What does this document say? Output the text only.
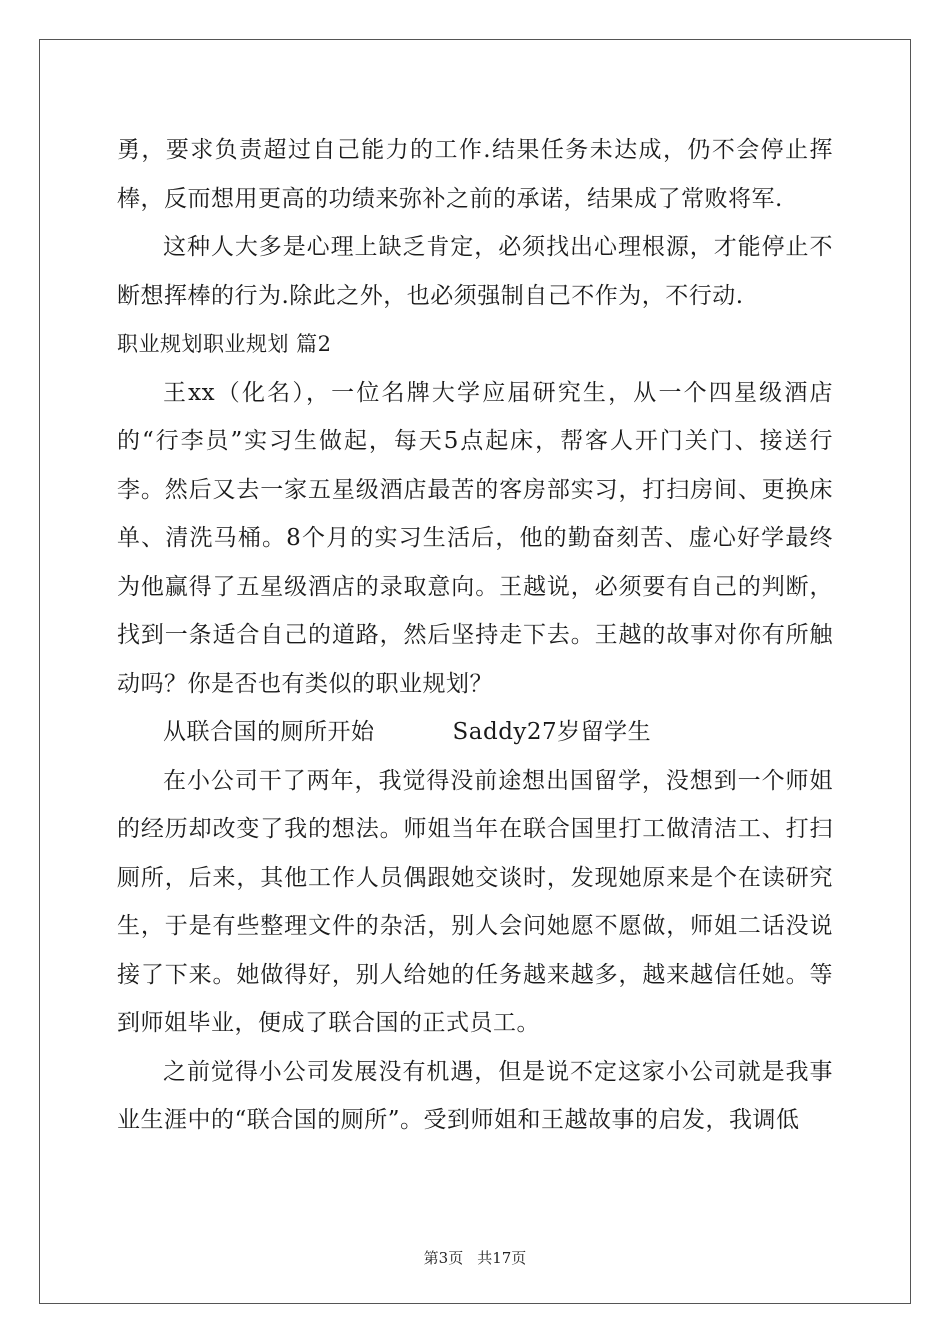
勇，要求负责超过自己能力的工作.结果任务未达成，仍不会停止挥棒，反而想用更高的功绩来弥补之前的承诺，结果成了常败将军.

这种人大多是心理上缺乏肯定，必须找出心理根源，才能停止不断想挥棒的行为.除此之外，也必须强制自己不作为，不行动.

职业规划职业规划 篇2

王xx（化名），一位名牌大学应届研究生，从一个四星级酒店的“行李员”实习生做起，每天5点起床，帮客人开门关门、接送行李。然后又去一家五星级酒店最苦的客房部实习，打扫房间、更换床单、清洗马桶。8个月的实习生活后，他的勤奋刻苦、虚心好学最终为他赢得了五星级酒店的录取意向。王越说，必须要有自己的判断，找到一条适合自己的道路，然后坚持走下去。王越的故事对你有所触动吗？你是否也有类似的职业规划？

从联合国的厕所开始	Saddy27岁留学生

在小公司干了两年，我觉得没前途想出国留学，没想到一个师姐的经历却改变了我的想法。师姐当年在联合国里打工做清洁工、打扫厕所，后来，其他工作人员偶跟她交谈时，发现她原来是个在读研究生，于是有些整理文件的杂活，别人会问她愿不愿做，师姐二话没说接了下来。她做得好，别人给她的任务越来越多，越来越信任她。等到师姐毕业，便成了联合国的正式员工。

之前觉得小公司发展没有机遇，但是说不定这家小公司就是我事业生涯中的“联合国的厕所”。受到师姐和王越故事的启发，我调低

第3页 共17页
